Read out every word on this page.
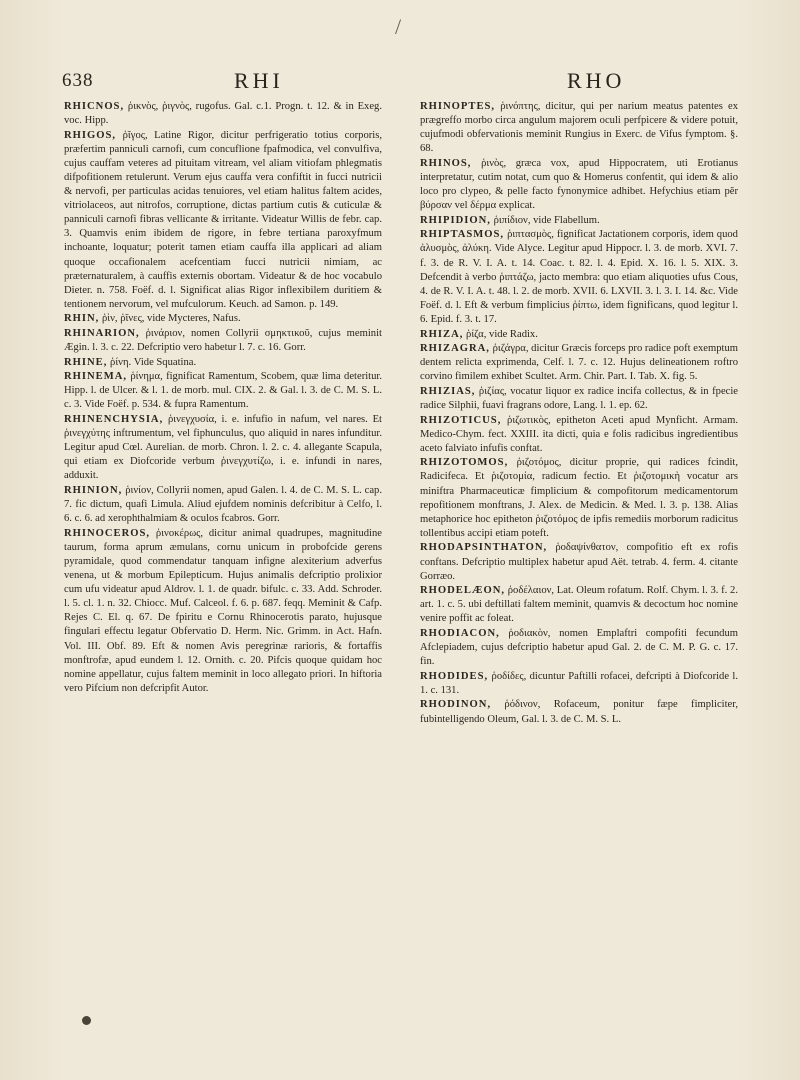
/
638	RHI	RHO

RHICNOS, ῥικνὸς, ῥιγνὸς, rugofus. Gal. c.1. Progn. t. 12. & in Exeg. voc. Hipp.

RHIGOS, ῥῖγος, Latine Rigor, dicitur perfrigeratio totius corporis, præfertim panniculi carnofi, cum concuflione fpafmodica, vel convulfiva, cujus cauffam veteres ad pituitam vitream, vel aliam vitiofam phlegmatis difpofitionem retulerunt. Verum ejus cauffa vera confiftit in fucci nutricii & nervofi, per particulas acidas tenuiores, vel etiam halitus faltem acides, vitriolaceos, aut nitrofos, corruptione, dictas partium cutis & cuticulæ & panniculi carnofi fibras vellicante & irritante. Videatur Willis de febr. cap. 3. Quamvis enim ibidem de rigore, in febre tertiana paroxyfmum inchoante, loquatur; poterit tamen etiam cauffa illa applicari ad aliam quoque occafionalem acefcentiam fucci nutricii nimiam, ac præternaturalem, à cauffis externis obortam. Videatur & de hoc vocabulo Dieter. n. 758. Foëf. d. l. Significat alias Rigor inflexibilem duritiem & tentionem nervorum, vel mufculorum. Keuch. ad Samon. p. 149.

RHIN, ῥὶν, ῥῖνες, vide Mycteres, Nafus.

RHINARION, ῥινάριον, nomen Collyrii σμηκτικοῦ, cujus meminit Ægin. l. 3. c. 22. Defcriptio vero habetur l. 7. c. 16. Gorr.

RHINE, ῥίνη. Vide Squatina.

RHINEMA, ῥίνημα, fignificat Ramentum, Scobem, quæ lima deteritur. Hipp. l. de Ulcer. & l. 1. de morb. mul. CIX. 2. & Gal. l. 3. de C. M. S. L. c. 3. Vide Foëf. p. 534. & fupra Ramentum.

RHINENCHYSIA, ῥινεγχυσία, i. e. infufio in nafum, vel nares. Et ῥινεγχύτης inftrumentum, vel fiphunculus, quo aliquid in nares infunditur. Legitur apud Cœl. Aurelian. de morb. Chron. l. 2. c. 4. allegante Scapula, qui etiam ex Diofcoride verbum ῥινεγχυτίζω, i. e. infundi in nares, adduxit.

RHINION, ῥινίον, Collyrii nomen, apud Galen. l. 4. de C. M. S. L. cap. 7. fic dictum, quafi Limula. Aliud ejufdem nominis defcribitur à Celfo, l. 6. c. 6. ad xerophthalmiam & oculos fcabros. Gorr.

RHINOCEROS, ῥινοκέρως, dicitur animal quadrupes, magnitudine taurum, forma aprum æmulans, cornu unicum in probofcide gerens pyramidale, quod commendatur tanquam infigne alexiterium adverfus venena, ut & morbum Epilepticum. Hujus animalis defcriptio prolixior cum ufu videatur apud Aldrov. l. 1. de quadr. bifulc. c. 33. Add. Schroder. l. 5. cl. 1. n. 32. Chiocc. Muf. Calceol. f. 6. p. 687. feqq. Meminit & Cafp. Rejes C. El. q. 67. De fpiritu e Cornu Rhinocerotis parato, hujusque fingulari effectu legatur Obfervatio D. Herm. Nic. Grimm. in Act. Hafn. Vol. III. Obf. 89. Eft & nomen Avis peregrinæ rarioris, & fortaffis monftrofæ, apud eundem l. 12. Ornith. c. 20. Pifcis quoque quidam hoc nomine appellatur, cujus faltem meminit in loco allegato priori. In hiftoria vero Pifcium non defcripfit Autor.

RHINOPTES, ῥινόπτης, dicitur, qui per narium meatus patentes ex prægreffo morbo circa angulum majorem oculi perfpicere & videre potuit, cujufmodi obfervationis meminit Rungius in Exerc. de Vifus fymptom. §. 68.

RHINOS, ῥινὸς, græca vox, apud Hippocratem, uti Erotianus interpretatur, cutim notat, cum quo & Homerus confentit, qui idem & alio loco pro clypeo, & pelle facto fynonymice adhibet. Hefychius etiam pĕr βύρσαν vel δέρμα explicat.

RHIPIDION, ῥιπίδιον, vide Flabellum.

RHIPTASMOS, ῥιπτασμὸς, fignificat Jactationem corporis, idem quod ἀλυσμὸς, ἀλύκη. Vide Alyce. Legitur apud Hippocr. l. 3. de morb. XVI. 7. f. 3. de R. V. I. A. t. 14. Coac. t. 82. l. 4. Epid. X. 16. l. 5. XIX. 3. Defcendit à verbo ῥιπτάζω, jacto membra: quo etiam aliquoties ufus Cous, 4. de R. V. I. A. t. 48. l. 2. de morb. XVII. 6. LXVII. 3. l. 3. I. 14. &c. Vide Foëf. d. l. Eft & verbum fimplicius ῥίπτω, idem fignificans, quod legitur l. 6. Epid. f. 3. t. 17.

RHIZA, ῥίζα, vide Radix.

RHIZAGRA, ῥιζάγρα, dicitur Græcis forceps pro radice poft exemptum dentem relicta exprimenda, Celf. l. 7. c. 12. Hujus delineationem roftro corvino fimilem exhibet Scultet. Arm. Chir. Part. I. Tab. X. fig. 5.

RHIZIAS, ῥιζίας, vocatur liquor ex radice incifa collectus, & in fpecie radice Silphii, fuavi fragrans odore, Lang. l. 1. ep. 62.

RHIZOTICUS, ῥιζωτικὸς, epitheton Aceti apud Mynficht. Armam. Medico-Chym. fect. XXIII. ita dicti, quia e folis radicibus ingredientibus aceto falviato infufis conftat.

RHIZOTOMOS, ῥιζοτόμος, dicitur proprie, qui radices fcindit, Radicifeca. Et ῥιζοτομία, radicum fectio. Et ῥιζοτομικὴ vocatur ars miniftra Pharmaceuticæ fimplicium & compofitorum medicamentorum repofitionem monftrans, J. Alex. de Medicin. & Med. l. 3. p. 138. Alias metaphorice hoc epitheton ῥιζοτόμος de ipfis remediis morborum radicitus tollentibus accipi etiam poteft.

RHODAPSINTHATON, ῥοδαψίνθατον, compofitio eft ex rofis conftans. Defcriptio multiplex habetur apud Aët. tetrab. 4. ferm. 4. citante Gorræo.

RHODELÆON, ῥοδέλαιον, Lat. Oleum rofatum. Rolf. Chym. l. 3. f. 2. art. 1. c. 5. ubi deftillati faltem meminit, quamvis & decoctum hoc nomine venire poffit ac foleat.

RHODIACON, ῥοδιακὸν, nomen Emplaftri compofiti fecundum Afclepiadem, cujus defcriptio habetur apud Gal. 2. de C. M. P. G. c. 17. fin.

RHODIDES, ῥοδίδες, dicuntur Paftilli rofacei, defcripti à Diofcoride l. 1. c. 131.

RHODINON, ῥόδινον, Rofaceum, ponitur fæpe fimpliciter, fubintelligendo Oleum, Gal. l. 3. de C. M. S. L.
